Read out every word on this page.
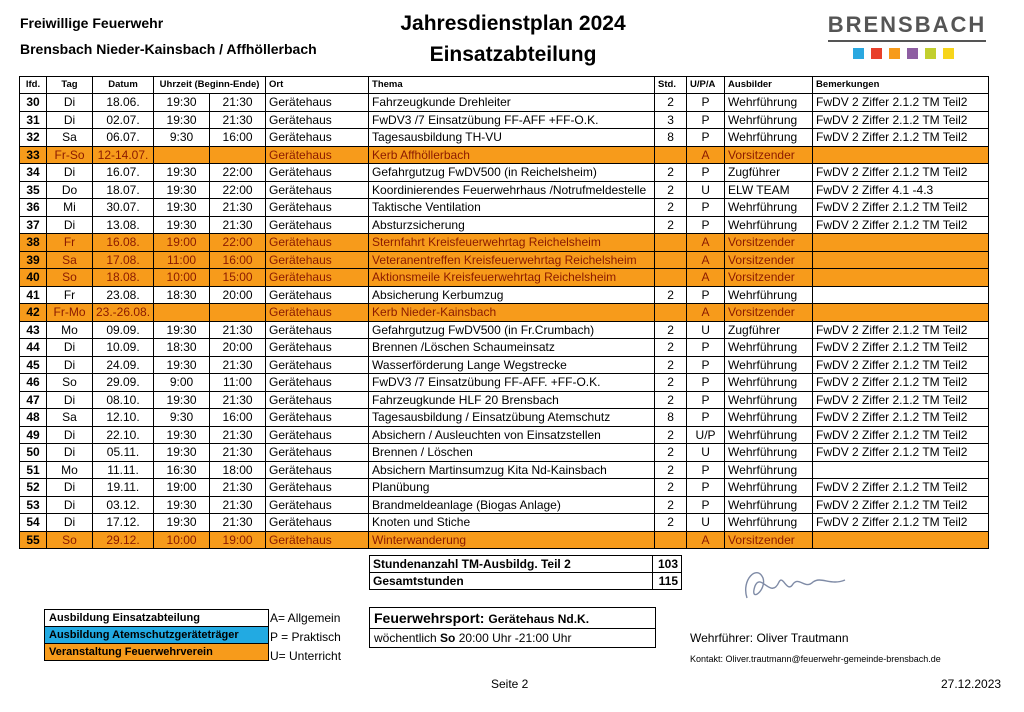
Freiwillige Feuerwehr
Brensbach Nieder-Kainsbach / Affhöllerbach
Jahresdienstplan 2024
Einsatzabteilung
BRENSBACH
lfd.	Tag	Datum	Uhrzeit (Beginn-Ende)		Ort	Thema	Std.	U/P/A	Ausbilder	Bemerkungen
30	Di	18.06.	19:30	21:30	Gerätehaus	Fahrzeugkunde Drehleiter	2	P	Wehrführung	FwDV 2 Ziffer 2.1.2 TM Teil2
31	Di	02.07.	19:30	21:30	Gerätehaus	FwDV3 /7 Einsatzübung FF-AFF +FF-O.K.	3	P	Wehrführung	FwDV 2 Ziffer 2.1.2 TM Teil2
32	Sa	06.07.	9:30	16:00	Gerätehaus	Tagesausbildung TH-VU	8	P	Wehrführung	FwDV 2 Ziffer 2.1.2 TM Teil2
33	Fr-So	12-14.07.			Gerätehaus	Kerb Affhöllerbach		A	Vorsitzender	
34	Di	16.07.	19:30	22:00	Gerätehaus	Gefahrgutzug FwDV500 (in Reichelsheim)	2	P	Zugführer	FwDV 2 Ziffer 2.1.2 TM Teil2
35	Do	18.07.	19:30	22:00	Gerätehaus	Koordinierendes Feuerwehrhaus /Notrufmeldestelle	2	U	ELW TEAM	FwDV 2 Ziffer 4.1 -4.3
36	Mi	30.07.	19:30	21:30	Gerätehaus	Taktische Ventilation	2	P	Wehrführung	FwDV 2 Ziffer 2.1.2 TM Teil2
37	Di	13.08.	19:30	21:30	Gerätehaus	Absturzsicherung	2	P	Wehrführung	FwDV 2 Ziffer 2.1.2 TM Teil2
38	Fr	16.08.	19:00	22:00	Gerätehaus	Sternfahrt Kreisfeuerwehrtag Reichelsheim		A	Vorsitzender	
39	Sa	17.08.	11:00	16:00	Gerätehaus	Veteranentreffen Kreisfeuerwehrtag Reichelsheim		A	Vorsitzender	
40	So	18.08.	10:00	15:00	Gerätehaus	Aktionsmeile Kreisfeuerwehrtag Reichelsheim		A	Vorsitzender	
41	Fr	23.08.	18:30	20:00	Gerätehaus	Absicherung Kerbumzug	2	P	Wehrführung	
42	Fr-Mo	23.-26.08.			Gerätehaus	Kerb Nieder-Kainsbach		A	Vorsitzender	
43	Mo	09.09.	19:30	21:30	Gerätehaus	Gefahrgutzug FwDV500 (in Fr.Crumbach)	2	U	Zugführer	FwDV 2 Ziffer 2.1.2 TM Teil2
44	Di	10.09.	18:30	20:00	Gerätehaus	Brennen /Löschen Schaumeinsatz	2	P	Wehrführung	FwDV 2 Ziffer 2.1.2 TM Teil2
45	Di	24.09.	19:30	21:30	Gerätehaus	Wasserförderung Lange Wegstrecke	2	P	Wehrführung	FwDV 2 Ziffer 2.1.2 TM Teil2
46	So	29.09.	9:00	11:00	Gerätehaus	FwDV3 /7 Einsatzübung FF-AFF. +FF-O.K.	2	P	Wehrführung	FwDV 2 Ziffer 2.1.2 TM Teil2
47	Di	08.10.	19:30	21:30	Gerätehaus	Fahrzeugkunde HLF 20 Brensbach	2	P	Wehrführung	FwDV 2 Ziffer 2.1.2 TM Teil2
48	Sa	12.10.	9:30	16:00	Gerätehaus	Tagesausbildung / Einsatzübung Atemschutz	8	P	Wehrführung	FwDV 2 Ziffer 2.1.2 TM Teil2
49	Di	22.10.	19:30	21:30	Gerätehaus	Absichern / Ausleuchten von Einsatzstellen	2	U/P	Wehrführung	FwDV 2 Ziffer 2.1.2 TM Teil2
50	Di	05.11.	19:30	21:30	Gerätehaus	Brennen / Löschen	2	U	Wehrführung	FwDV 2 Ziffer 2.1.2 TM Teil2
51	Mo	11.11.	16:30	18:00	Gerätehaus	Absichern Martinsumzug Kita Nd-Kainsbach	2	P	Wehrführung	
52	Di	19.11.	19:00	21:30	Gerätehaus	Planübung	2	P	Wehrführung	FwDV 2 Ziffer 2.1.2 TM Teil2
53	Di	03.12.	19:30	21:30	Gerätehaus	Brandmeldeanlage (Biogas Anlage)	2	P	Wehrführung	FwDV 2 Ziffer 2.1.2 TM Teil2
54	Di	17.12.	19:30	21:30	Gerätehaus	Knoten und Stiche	2	U	Wehrführung	FwDV 2 Ziffer 2.1.2 TM Teil2
55	So	29.12.	10:00	19:00	Gerätehaus	Winterwanderung		A	Vorsitzender	
Stundenanzahl TM-Ausbildg. Teil 2	103
Gesamtstunden	115
Ausbildung Einsatzabteilung
Ausbildung Atemschutzgeräteträger
Veranstaltung Feuerwehrverein
A= Allgemein
P = Praktisch
U= Unterricht
Feuerwehrsport: Gerätehaus Nd.K.
wöchentlich So 20:00 Uhr -21:00 Uhr	Wehrführer: Oliver Trautmann
Kontakt: Oliver.trautmann@feuerwehr-gemeinde-brensbach.de
Seite 2	27.12.2023
